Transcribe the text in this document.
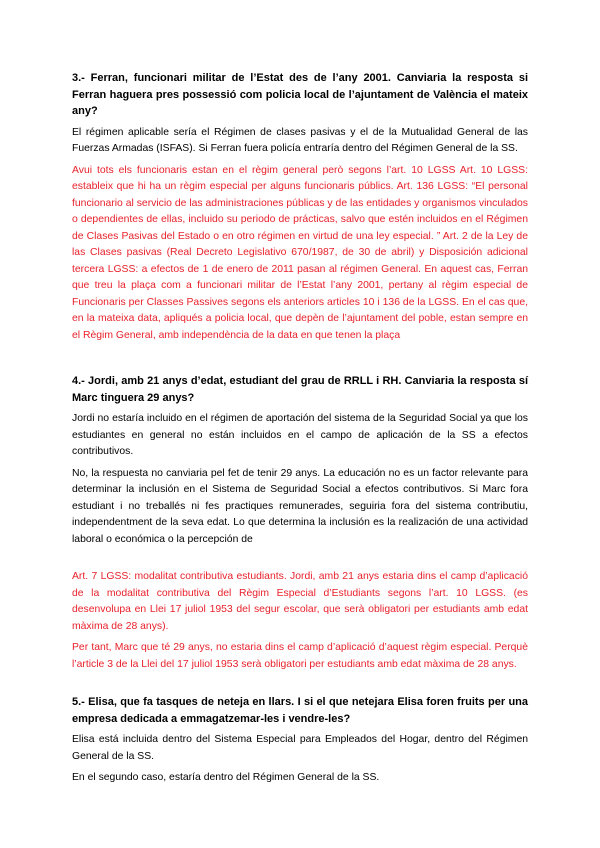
3.- Ferran, funcionari militar de l’Estat des de l’any 2001. Canviaria la resposta si Ferran haguera pres possessió com policia local de l’ajuntament de València el mateix any?

El régimen aplicable sería el Régimen de clases pasivas y el de la Mutualidad General de las Fuerzas Armadas (ISFAS). Si Ferran fuera policía entraría dentro del Régimen General de la SS.

Avui tots els funcionaris estan en el règim general però segons l’art. 10 LGSS Art. 10 LGSS: estableix que hi ha un règim especial per alguns funcionaris públics. Art. 136 LGSS: “El personal funcionario al servicio de las administraciones públicas y de las entidades y organismos vinculados o dependientes de ellas, incluido su periodo de prácticas, salvo que estén incluidos en el Régimen de Clases Pasivas del Estado o en otro régimen en virtud de una ley especial. ” Art. 2 de la Ley de las Clases pasivas (Real Decreto Legislativo 670/1987, de 30 de abril) y Disposición adicional tercera LGSS: a efectos de 1 de enero de 2011 pasan al régimen General. En aquest cas, Ferran que treu la plaça com a funcionari militar de l’Estat l’any 2001, pertany al règim especial de Funcionaris per Classes Passives segons els anteriors articles 10 i 136 de la LGSS. En el cas que, en la mateixa data, apliqués a policia local, que depèn de l’ajuntament del poble, estan sempre en el Règim General, amb independència de la data en que tenen la plaça

4.- Jordi, amb 21 anys d’edat, estudiant del grau de RRLL i RH. Canviaria la resposta sí Marc tinguera 29 anys?

Jordi no estaría incluido en el régimen de aportación del sistema de la Seguridad Social ya que los estudiantes en general no están incluidos en el campo de aplicación de la SS a efectos contributivos.

No, la respuesta no canviaria pel fet de tenir 29 anys. La educación no es un factor relevante para determinar la inclusión en el Sistema de Seguridad Social a efectos contributivos. Si Marc fora estudiant i no treballés ni fes practiques remunerades, seguiria fora del sistema contributiu, independentment de la seva edat. Lo que determina la inclusión es la realización de una actividad laboral o económica o la percepción de

Art. 7 LGSS: modalitat contributiva estudiants. Jordi, amb 21 anys estaria dins el camp d’aplicació de la modalitat contributiva del Règim Especial d’Estudiants segons l’art. 10 LGSS. (es desenvolupa en Llei 17 juliol 1953 del segur escolar, que serà obligatori per estudiants amb edat màxima de 28 anys).

Per tant, Marc que té 29 anys, no estaria dins el camp d’aplicació d’aquest règim especial. Perquè l’article 3 de la Llei del 17 juliol 1953 serà obligatori per estudiants amb edat màxima de 28 anys.

5.- Elisa, que fa tasques de neteja en llars. I si el que netejara Elisa foren fruits per una empresa dedicada a emmagatzemar-les i vendre-les?

Elisa está incluida dentro del Sistema Especial para Empleados del Hogar, dentro del Régimen General de la SS.

En el segundo caso, estaría dentro del Régimen General de la SS.
